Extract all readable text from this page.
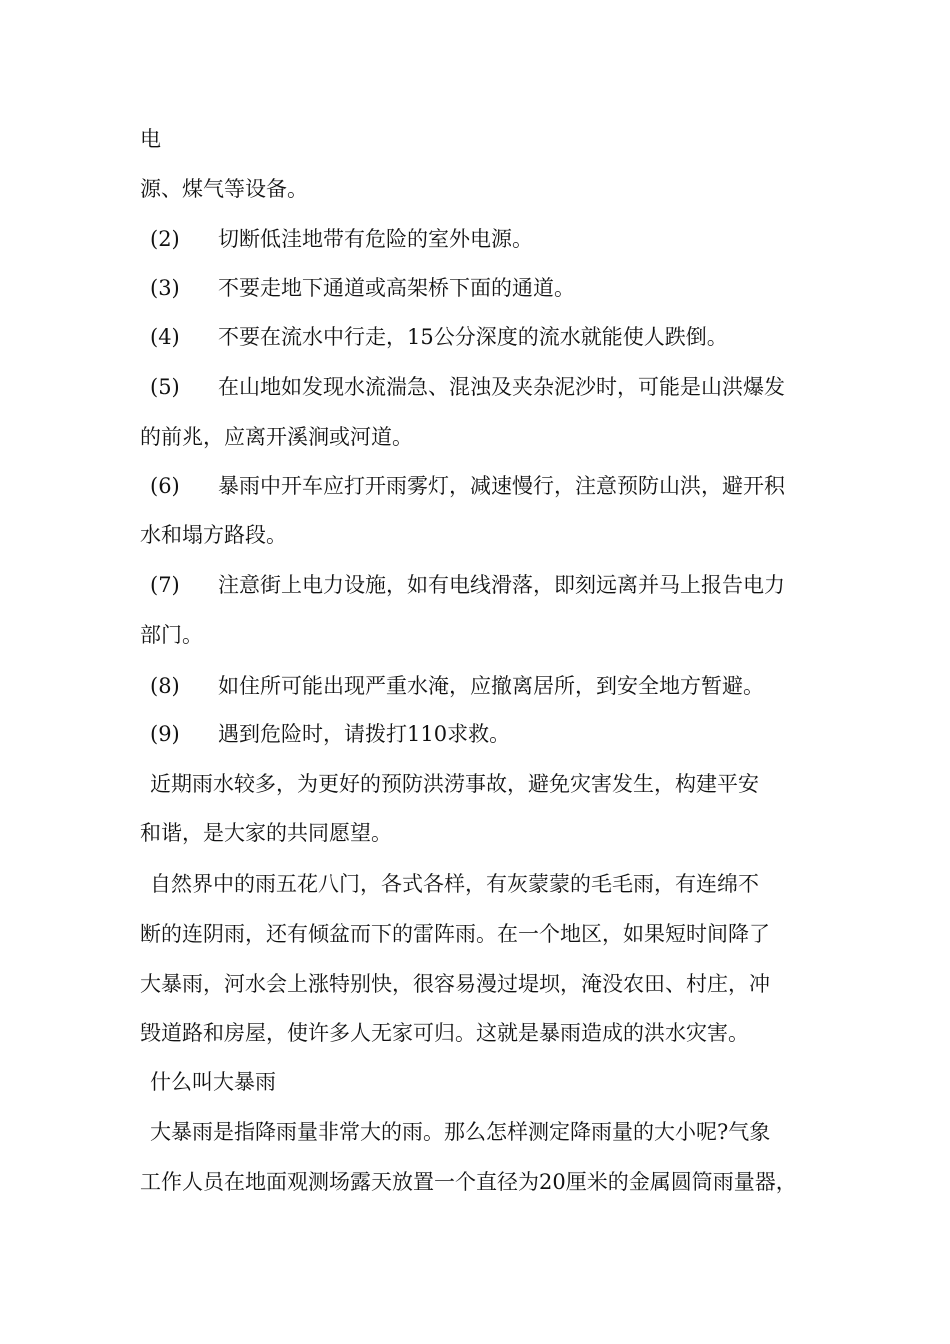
电
源、煤气等设备。
(2) 切断低洼地带有危险的室外电源。
(3) 不要走地下通道或高架桥下面的通道。
(4) 不要在流水中行走，15公分深度的流水就能使人跌倒。
(5) 在山地如发现水流湍急、混浊及夹杂泥沙时，可能是山洪爆发
的前兆，应离开溪涧或河道。
(6) 暴雨中开车应打开雨雾灯，减速慢行，注意预防山洪，避开积
水和塌方路段。
(7) 注意街上电力设施，如有电线滑落，即刻远离并马上报告电力
部门。
(8) 如住所可能出现严重水淹，应撤离居所，到安全地方暂避。
(9) 遇到危险时，请拨打110求救。
近期雨水较多，为更好的预防洪涝事故，避免灾害发生，构建平安
和谐，是大家的共同愿望。
自然界中的雨五花八门，各式各样，有灰蒙蒙的毛毛雨，有连绵不
断的连阴雨，还有倾盆而下的雷阵雨。在一个地区，如果短时间降了
大暴雨，河水会上涨特别快，很容易漫过堤坝，淹没农田、村庄，冲
毁道路和房屋，使许多人无家可归。这就是暴雨造成的洪水灾害。
什么叫大暴雨
大暴雨是指降雨量非常大的雨。那么怎样测定降雨量的大小呢?气象
工作人员在地面观测场露天放置一个直径为20厘米的金属圆筒雨量器，
